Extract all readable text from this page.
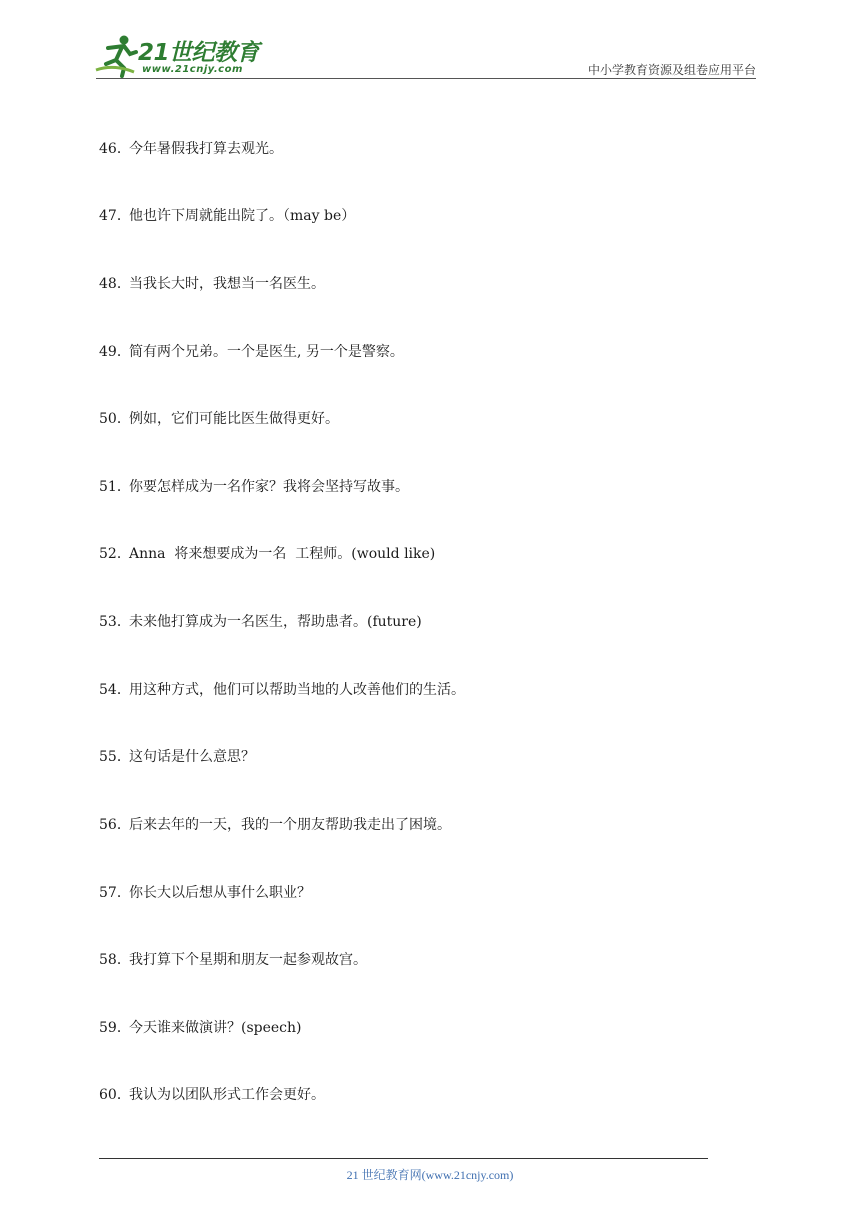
21世纪教育
www.21cnjy.com	中小学教育资源及组卷应用平台
46．今年暑假我打算去观光。
47．他也许下周就能出院了。（may be）
48．当我长大时，我想当一名医生。
49．简有两个兄弟。一个是医生, 另一个是警察。
50．例如，它们可能比医生做得更好。
51．你要怎样成为一名作家？我将会坚持写故事。
52．Anna  将来想要成为一名  工程师。(would like)
53．未来他打算成为一名医生，帮助患者。(future)
54．用这种方式，他们可以帮助当地的人改善他们的生活。
55．这句话是什么意思？
56．后来去年的一天，我的一个朋友帮助我走出了困境。
57．你长大以后想从事什么职业？
58．我打算下个星期和朋友一起参观故宫。
59．今天谁来做演讲？(speech)
60．我认为以团队形式工作会更好。
21 世纪教育网(www.21cnjy.com)
